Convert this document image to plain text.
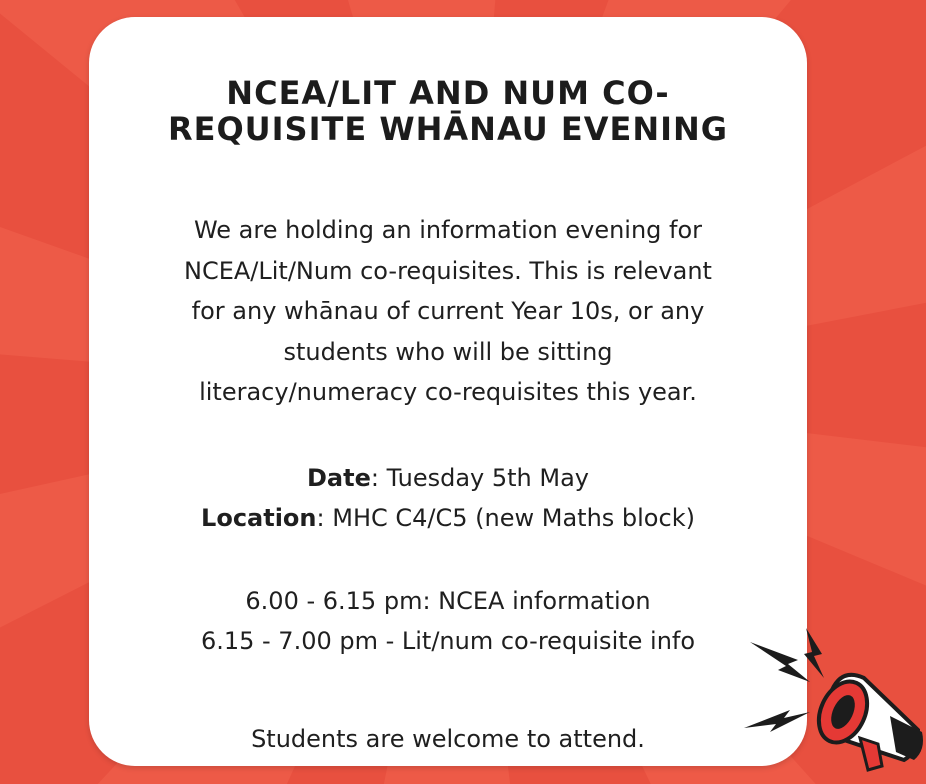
NCEA/LIT AND NUM CO-
REQUISITE WHĀNAU EVENING
We are holding an information evening for
NCEA/Lit/Num co-requisites. This is relevant
for any whānau of current Year 10s, or any
students who will be sitting
literacy/numeracy co-requisites this year.
Date: Tuesday 5th May
Location: MHC C4/C5 (new Maths block)
6.00 - 6.15 pm: NCEA information
6.15 - 7.00 pm - Lit/num co-requisite info
Students are welcome to attend.
